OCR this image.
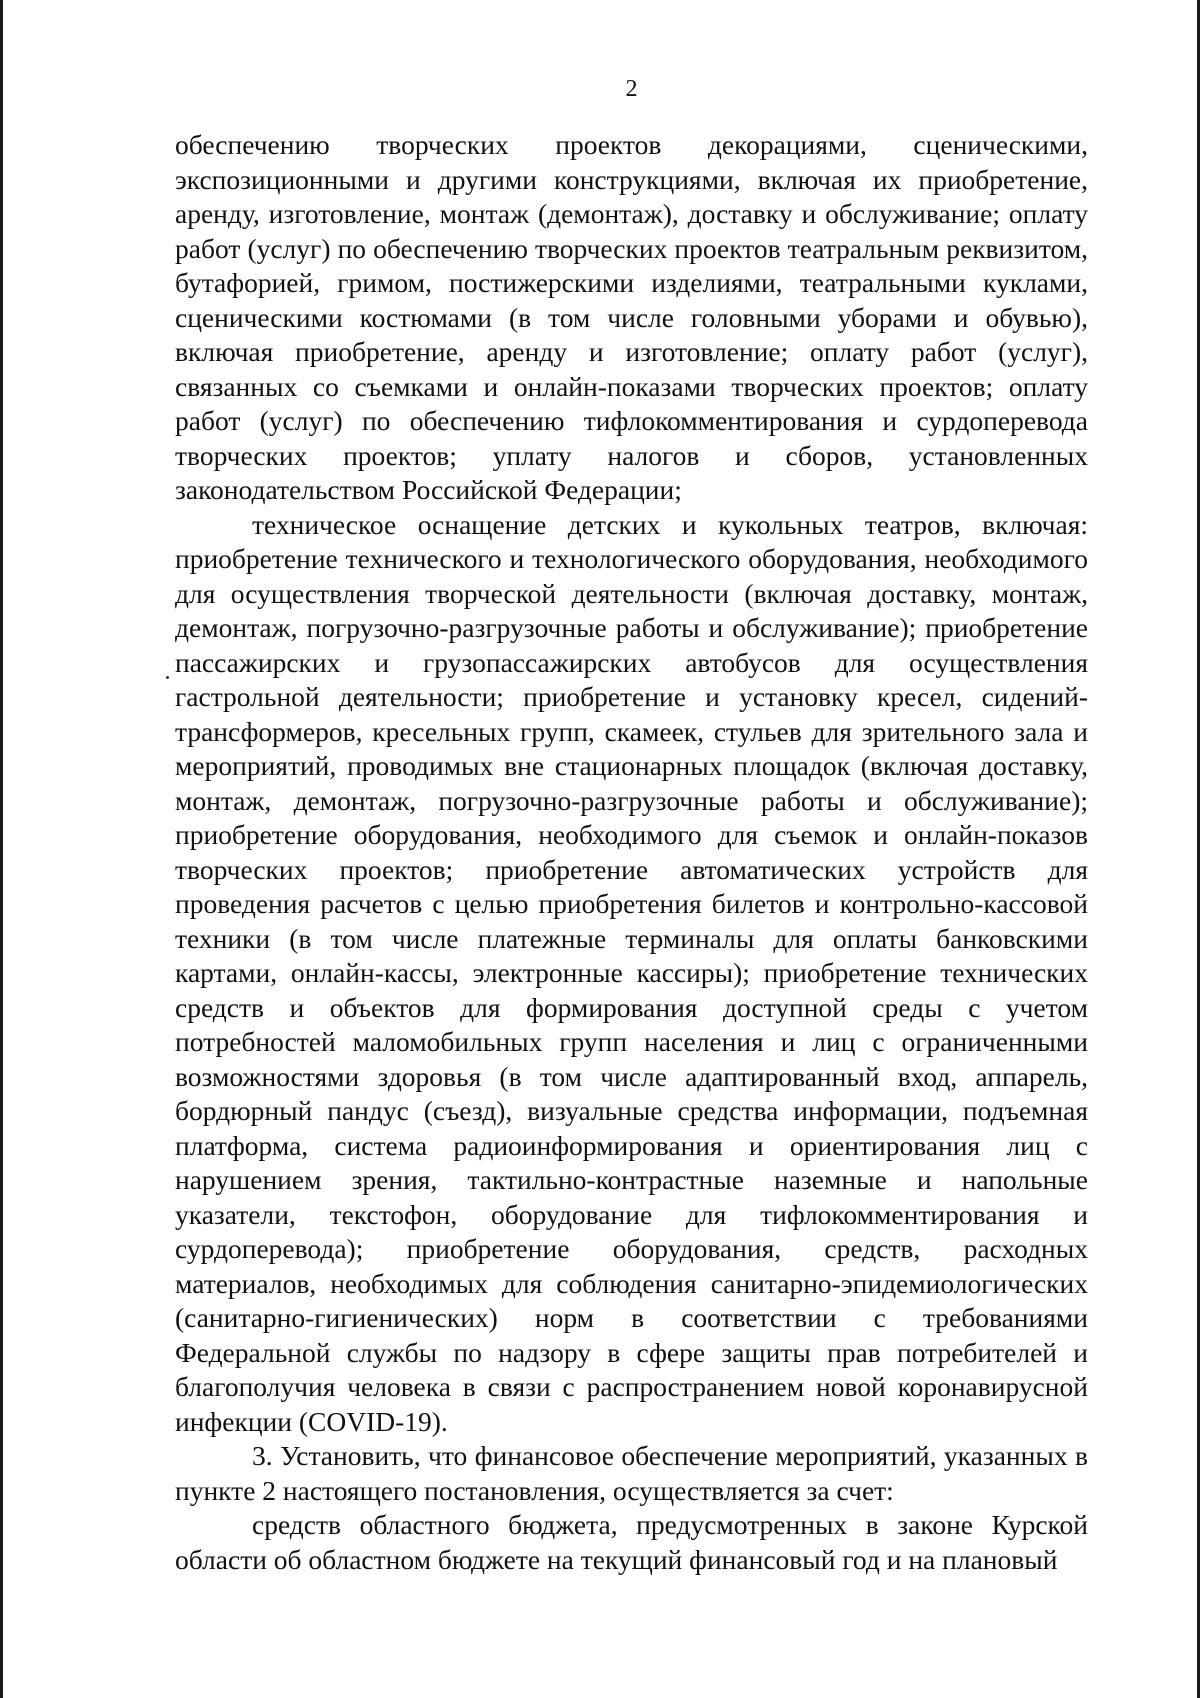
2

обеспечению творческих проектов декорациями, сценическими, экспозиционными и другими конструкциями, включая их приобретение, аренду, изготовление, монтаж (демонтаж), доставку и обслуживание; оплату работ (услуг) по обеспечению творческих проектов театральным реквизитом, бутафорией, гримом, постижерскими изделиями, театральными куклами, сценическими костюмами (в том числе головными уборами и обувью), включая приобретение, аренду и изготовление; оплату работ (услуг), связанных со съемками и онлайн-показами творческих проектов; оплату работ (услуг) по обеспечению тифлокомментирования и сурдоперевода творческих проектов; уплату налогов и сборов, установленных законодательством Российской Федерации;

техническое оснащение детских и кукольных театров, включая: приобретение технического и технологического оборудования, необходимого для осуществления творческой деятельности (включая доставку, монтаж, демонтаж, погрузочно-разгрузочные работы и обслуживание); приобретение пассажирских и грузопассажирских автобусов для осуществления гастрольной деятельности; приобретение и установку кресел, сидений-трансформеров, кресельных групп, скамеек, стульев для зрительного зала и мероприятий, проводимых вне стационарных площадок (включая доставку, монтаж, демонтаж, погрузочно-разгрузочные работы и обслуживание); приобретение оборудования, необходимого для съемок и онлайн-показов творческих проектов; приобретение автоматических устройств для проведения расчетов с целью приобретения билетов и контрольно-кассовой техники (в том числе платежные терминалы для оплаты банковскими картами, онлайн-кассы, электронные кассиры); приобретение технических средств и объектов для формирования доступной среды с учетом потребностей маломобильных групп населения и лиц с ограниченными возможностями здоровья (в том числе адаптированный вход, аппарель, бордюрный пандус (съезд), визуальные средства информации, подъемная платформа, система радиоинформирования и ориентирования лиц с нарушением зрения, тактильно-контрастные наземные и напольные указатели, текстофон, оборудование для тифлокомментирования и сурдоперевода); приобретение оборудования, средств, расходных материалов, необходимых для соблюдения санитарно-эпидемиологических (санитарно-гигиенических) норм в соответствии с требованиями Федеральной службы по надзору в сфере защиты прав потребителей и благополучия человека в связи с распространением новой коронавирусной инфекции (COVID-19).

3. Установить, что финансовое обеспечение мероприятий, указанных в пункте 2 настоящего постановления, осуществляется за счет:

средств областного бюджета, предусмотренных в законе Курской области об областном бюджете на текущий финансовый год и на плановый
